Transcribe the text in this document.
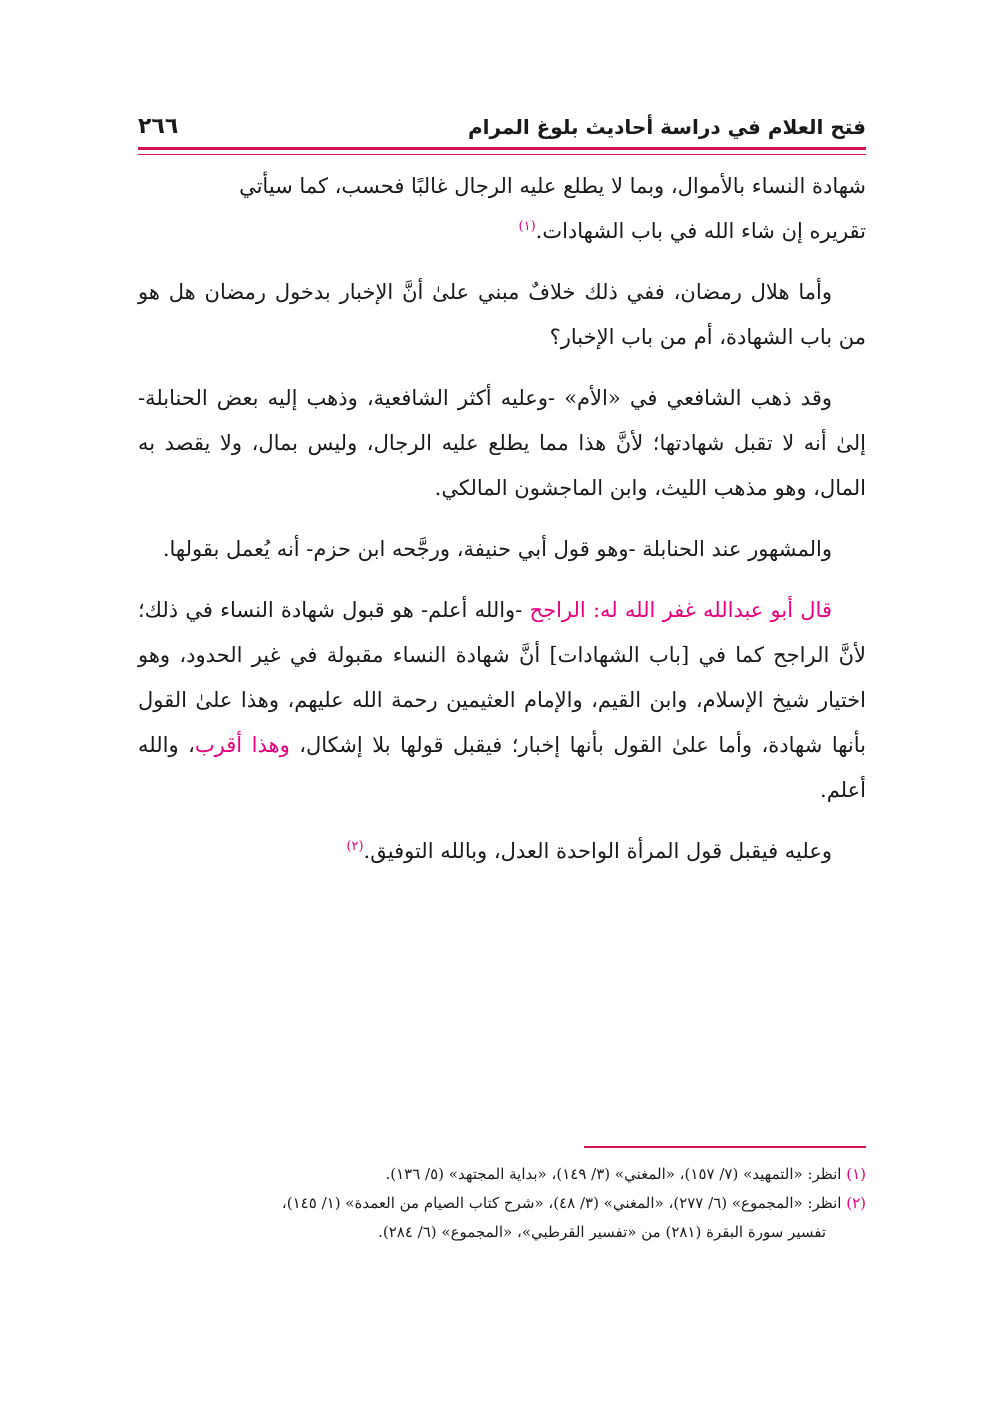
فتح العلام في دراسة أحاديث بلوغ المرام
٢٦٦

شهادة النساء بالأموال، وبما لا يطلع عليه الرجال غالبًا فحسب، كما سيأتي
تقريره إن شاء الله في باب الشهادات.$^{(١)}$

وأما هلال رمضان، ففي ذلك خلافٌ مبني علىٰ أنَّ الإخبار بدخول رمضان هل هو من باب الشهادة، أم من باب الإخبار؟

وقد ذهب الشافعي في «الأم» -وعليه أكثر الشافعية، وذهب إليه بعض الحنابلة- إلىٰ أنه لا تقبل شهادتها؛ لأنَّ هذا مما يطلع عليه الرجال، وليس بمال، ولا يقصد به المال، وهو مذهب الليث، وابن الماجشون المالكي.

والمشهور عند الحنابلة -وهو قول أبي حنيفة، ورجَّحه ابن حزم- أنه يُعمل بقولها.

قال أبو عبدالله غفر الله له: الراجح -والله أعلم- هو قبول شهادة النساء في ذلك؛ لأنَّ الراجح كما في [باب الشهادات] أنَّ شهادة النساء مقبولة في غير الحدود، وهو اختيار شيخ الإسلام، وابن القيم، والإمام العثيمين رحمة الله عليهم، وهذا علىٰ القول بأنها شهادة، وأما علىٰ القول بأنها إخبار؛ فيقبل قولها بلا إشكال، وهذا أقرب، والله أعلم.

وعليه فيقبل قول المرأة الواحدة العدل، وبالله التوفيق.$^{(٢)}$

(١) انظر: «التمهيد» (٧/ ١٥٧)، «المغني» (٣/ ١٤٩)، «بداية المجتهد» (٥/ ١٣٦).
(٢) انظر: «المجموع» (٦/ ٢٧٧)، «المغني» (٣/ ٤٨)، «شرح كتاب الصيام من العمدة» (١/ ١٤٥)،
تفسير سورة البقرة (٢٨١) من «تفسير القرطبي»، «المجموع» (٦/ ٢٨٤).
